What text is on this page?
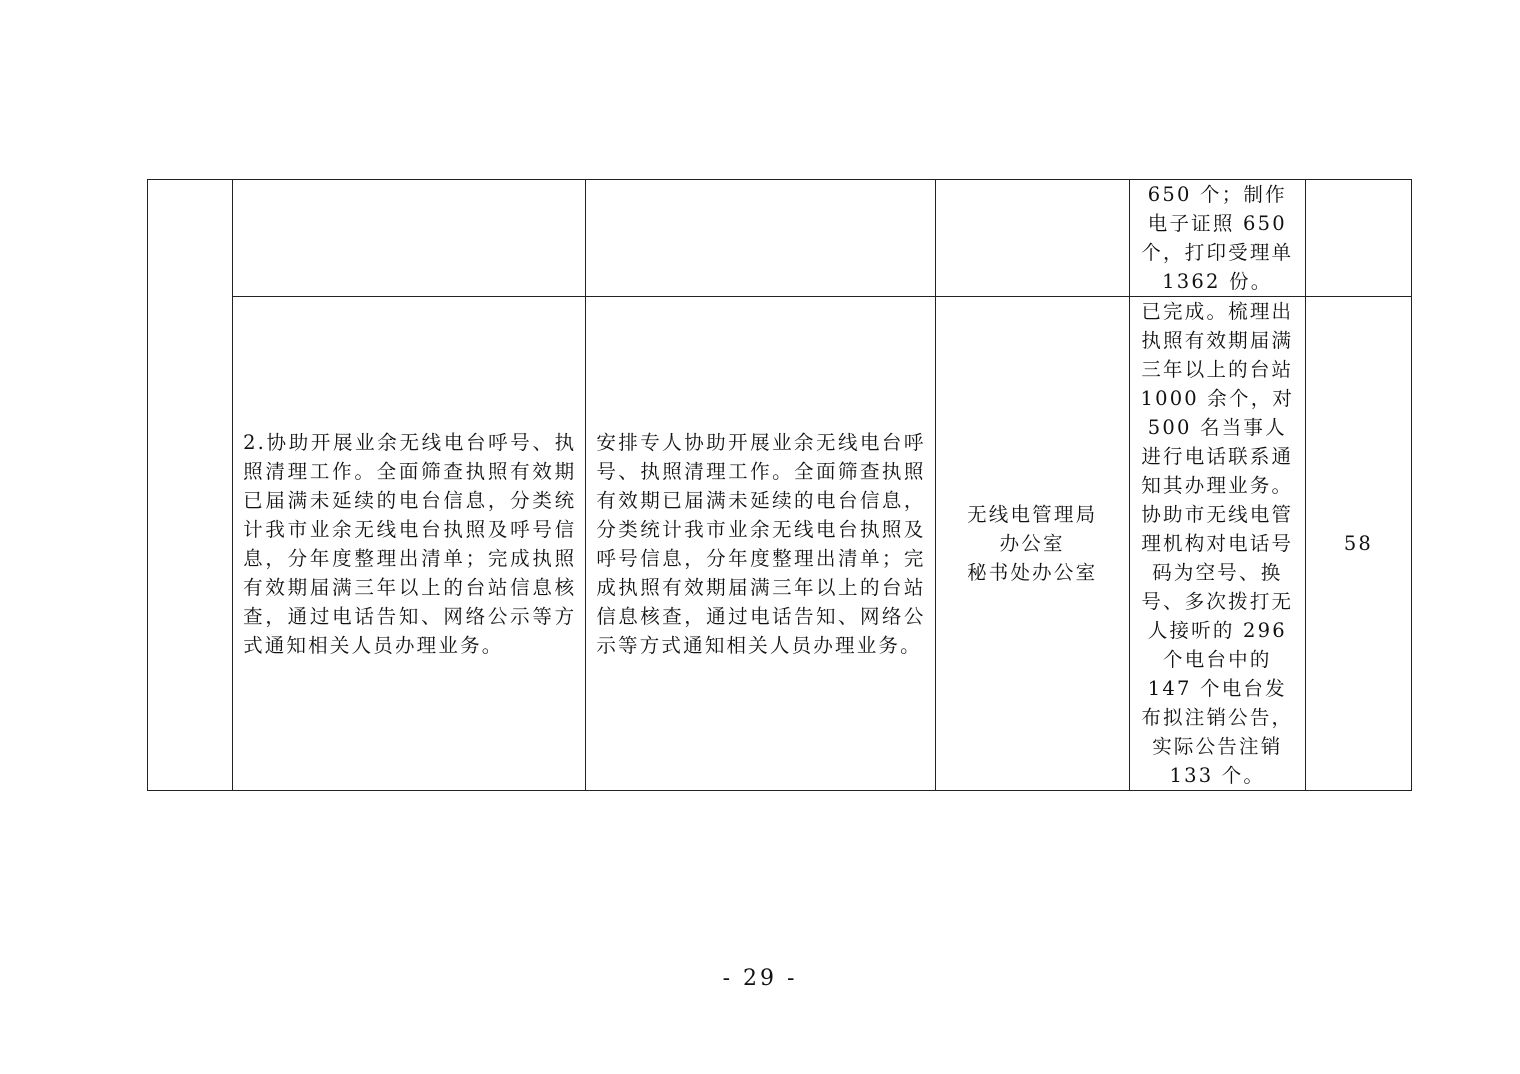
				650 个；制作电子证照 650 个，打印受理单 1362 份。	

	2.协助开展业余无线电台呼号、执照清理工作。全面筛查执照有效期已届满未延续的电台信息，分类统计我市业余无线电台执照及呼号信息，分年度整理出清单；完成执照有效期届满三年以上的台站信息核查，通过电话告知、网络公示等方式通知相关人员办理业务。	安排专人协助开展业余无线电台呼号、执照清理工作。全面筛查执照有效期已届满未延续的电台信息，分类统计我市业余无线电台执照及呼号信息，分年度整理出清单；完成执照有效期届满三年以上的台站信息核查，通过电话告知、网络公示等方式通知相关人员办理业务。	无线电管理局
办公室
秘书处办公室	已完成。梳理出执照有效期届满三年以上的台站 1000 余个，对 500 名当事人进行电话联系通知其办理业务。协助市无线电管理机构对电话号码为空号、换号、多次拨打无人接听的 296 个电台中的 147 个电台发布拟注销公告，实际公告注销 133 个。	58
- 29 -
